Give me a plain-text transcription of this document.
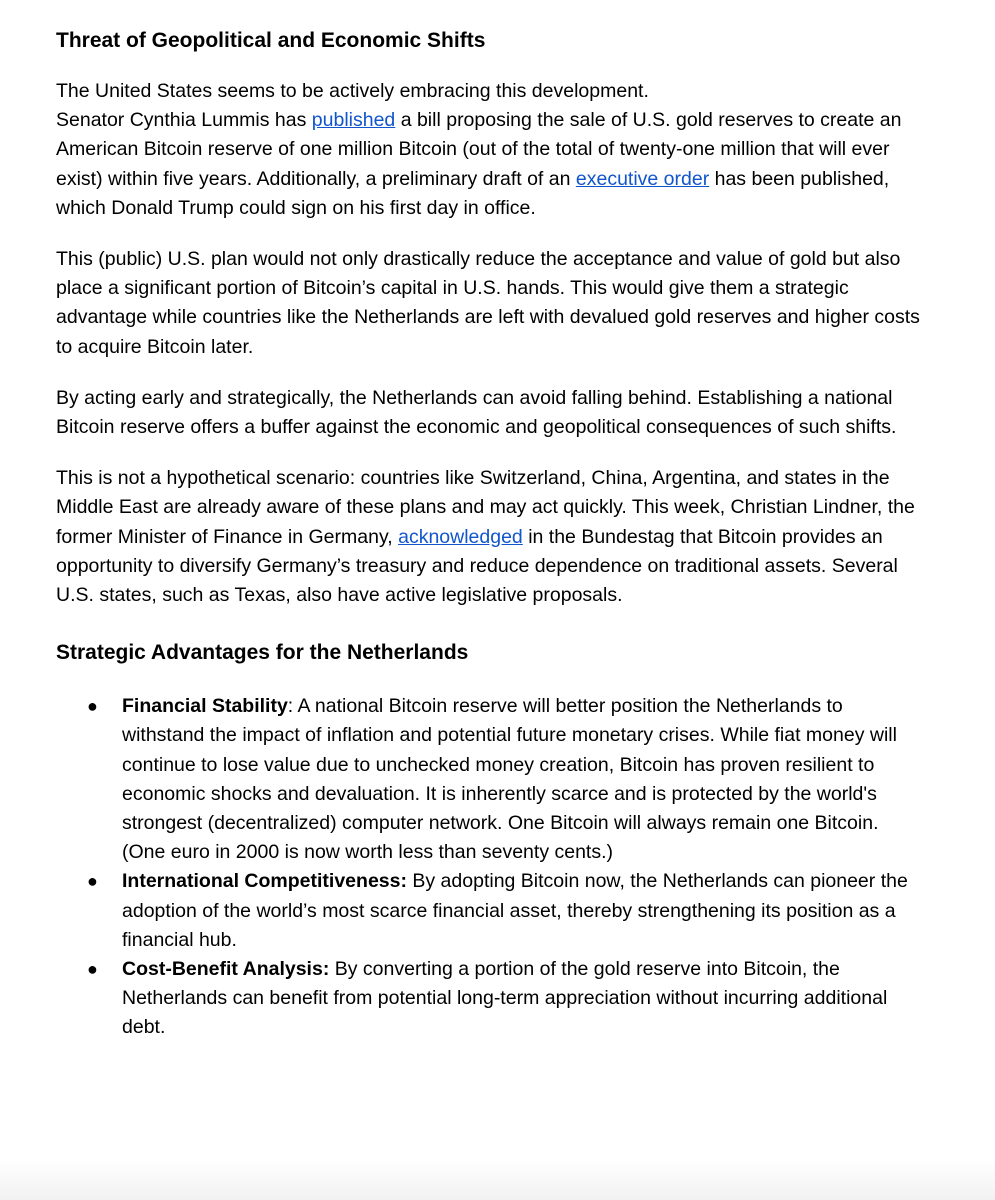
Threat of Geopolitical and Economic Shifts

The United States seems to be actively embracing this development.
Senator Cynthia Lummis has published a bill proposing the sale of U.S. gold reserves to create an American Bitcoin reserve of one million Bitcoin (out of the total of twenty-one million that will ever exist) within five years. Additionally, a preliminary draft of an executive order has been published, which Donald Trump could sign on his first day in office.

This (public) U.S. plan would not only drastically reduce the acceptance and value of gold but also place a significant portion of Bitcoin’s capital in U.S. hands. This would give them a strategic advantage while countries like the Netherlands are left with devalued gold reserves and higher costs to acquire Bitcoin later.

By acting early and strategically, the Netherlands can avoid falling behind. Establishing a national Bitcoin reserve offers a buffer against the economic and geopolitical consequences of such shifts.

This is not a hypothetical scenario: countries like Switzerland, China, Argentina, and states in the Middle East are already aware of these plans and may act quickly. This week, Christian Lindner, the former Minister of Finance in Germany, acknowledged in the Bundestag that Bitcoin provides an opportunity to diversify Germany’s treasury and reduce dependence on traditional assets. Several U.S. states, such as Texas, also have active legislative proposals.

Strategic Advantages for the Netherlands
● Financial Stability: A national Bitcoin reserve will better position the Netherlands to withstand the impact of inflation and potential future monetary crises. While fiat money will continue to lose value due to unchecked money creation, Bitcoin has proven resilient to economic shocks and devaluation. It is inherently scarce and is protected by the world's strongest (decentralized) computer network. One Bitcoin will always remain one Bitcoin. (One euro in 2000 is now worth less than seventy cents.)
● International Competitiveness: By adopting Bitcoin now, the Netherlands can pioneer the adoption of the world’s most scarce financial asset, thereby strengthening its position as a financial hub.
● Cost-Benefit Analysis: By converting a portion of the gold reserve into Bitcoin, the Netherlands can benefit from potential long-term appreciation without incurring additional debt.
